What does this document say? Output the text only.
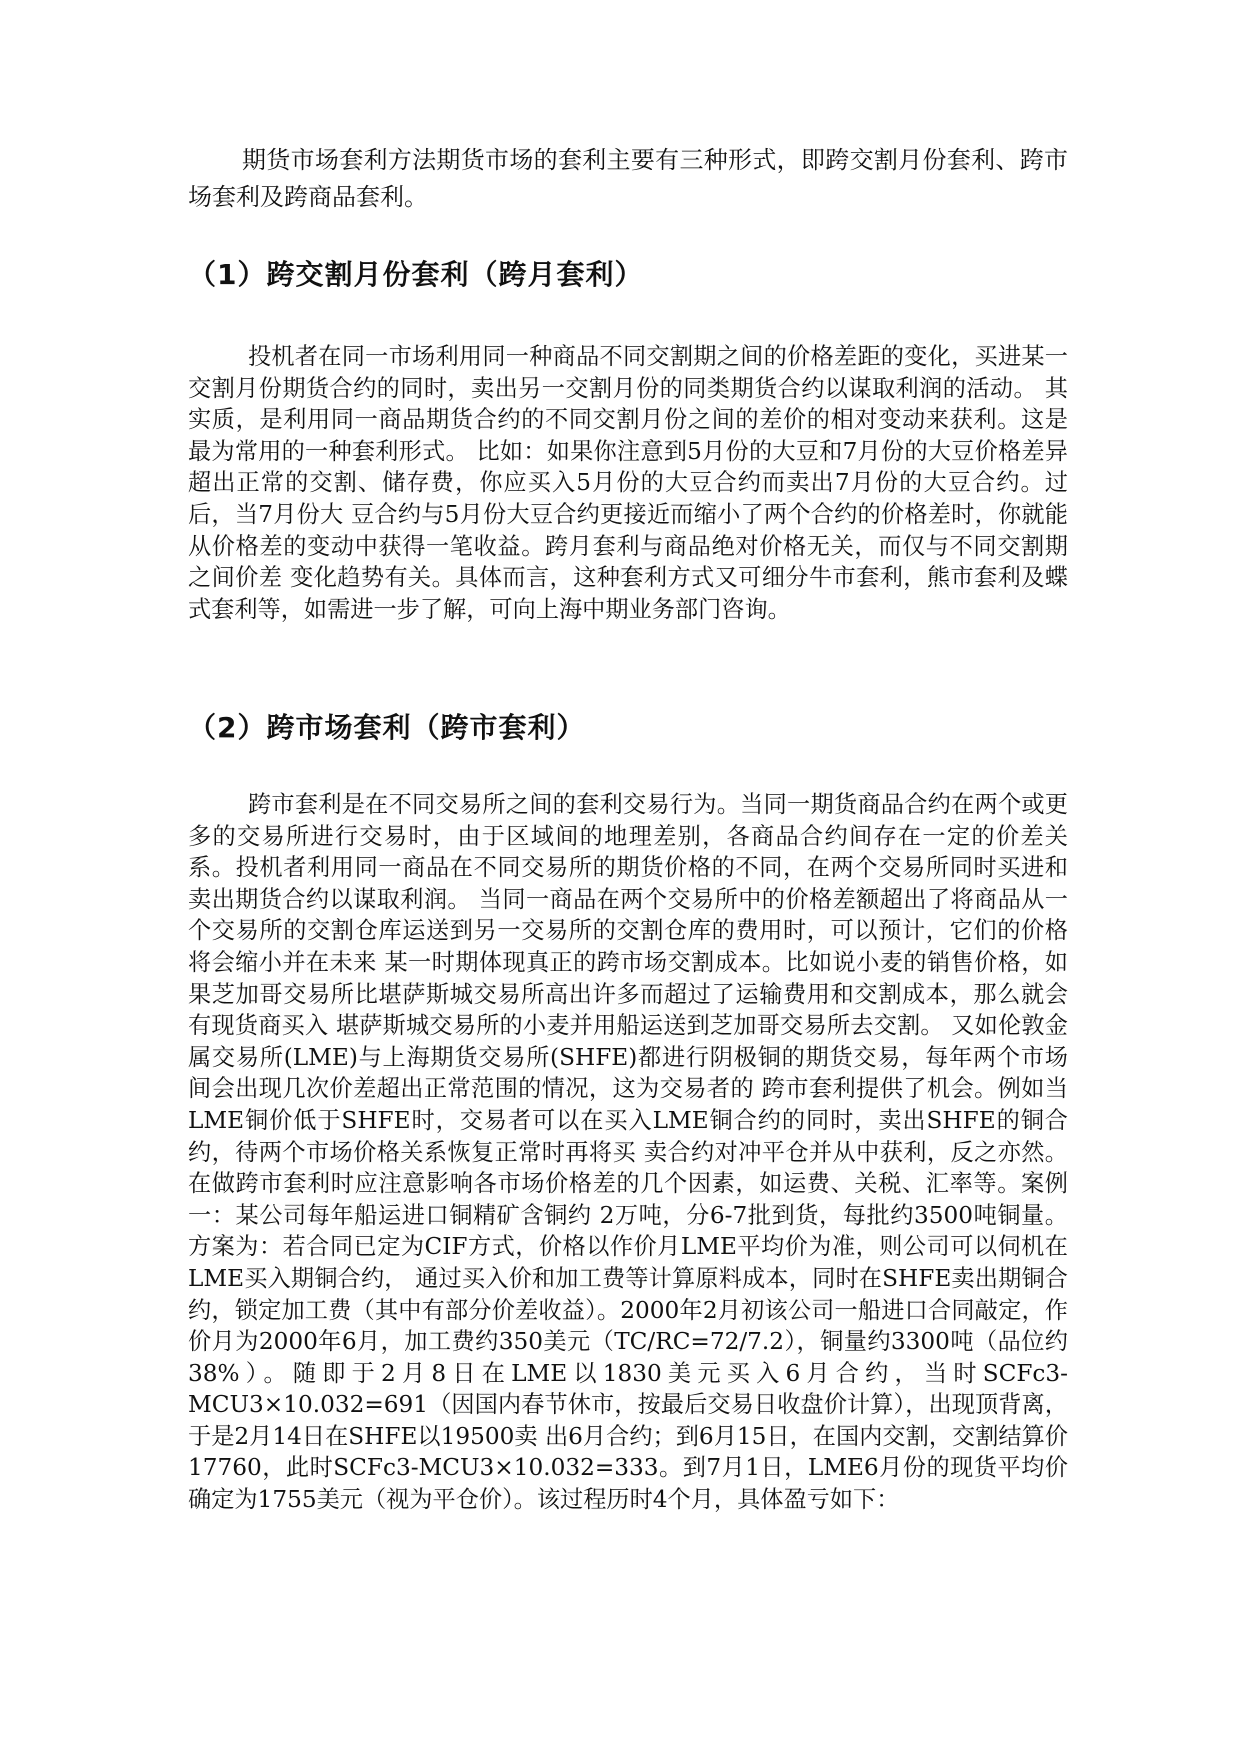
期货市场套利方法期货市场的套利主要有三种形式，即跨交割月份套利、跨市场套利及跨商品套利。

（1）跨交割月份套利（跨月套利）

投机者在同一市场利用同一种商品不同交割期之间的价格差距的变化，买进某一交割月份期货合约的同时，卖出另一交割月份的同类期货合约以谋取利润的活动。 其实质，是利用同一商品期货合约的不同交割月份之间的差价的相对变动来获利。这是最为常用的一种套利形式。 比如：如果你注意到5月份的大豆和7月份的大豆价格差异超出正常的交割、储存费，你应买入5月份的大豆合约而卖出7月份的大豆合约。过后，当7月份大 豆合约与5月份大豆合约更接近而缩小了两个合约的价格差时，你就能从价格差的变动中获得一笔收益。跨月套利与商品绝对价格无关，而仅与不同交割期之间价差 变化趋势有关。具体而言，这种套利方式又可细分牛市套利，熊市套利及蝶式套利等，如需进一步了解，可向上海中期业务部门咨询。

（2）跨市场套利（跨市套利）

跨市套利是在不同交易所之间的套利交易行为。当同一期货商品合约在两个或更多的交易所进行交易时，由于区域间的地理差别，各商品合约间存在一定的价差关 系。投机者利用同一商品在不同交易所的期货价格的不同，在两个交易所同时买进和卖出期货合约以谋取利润。 当同一商品在两个交易所中的价格差额超出了将商品从一个交易所的交割仓库运送到另一交易所的交割仓库的费用时，可以预计，它们的价格将会缩小并在未来 某一时期体现真正的跨市场交割成本。比如说小麦的销售价格，如果芝加哥交易所比堪萨斯城交易所高出许多而超过了运输费用和交割成本，那么就会有现货商买入 堪萨斯城交易所的小麦并用船运送到芝加哥交易所去交割。 又如伦敦金属交易所(LME)与上海期货交易所(SHFE)都进行阴极铜的期货交易，每年两个市场间会出现几次价差超出正常范围的情况，这为交易者的 跨市套利提供了机会。例如当LME铜价低于SHFE时，交易者可以在买入LME铜合约的同时，卖出SHFE的铜合约，待两个市场价格关系恢复正常时再将买 卖合约对冲平仓并从中获利，反之亦然。在做跨市套利时应注意影响各市场价格差的几个因素，如运费、关税、汇率等。案例一：某公司每年船运进口铜精矿含铜约 2万吨，分6-7批到货，每批约3500吨铜量。方案为：若合同已定为CIF方式，价格以作价月LME平均价为准，则公司可以伺机在LME买入期铜合约， 通过买入价和加工费等计算原料成本，同时在SHFE卖出期铜合约，锁定加工费（其中有部分价差收益）。2000年2月初该公司一船进口合同敲定，作价月为2000年6月，加工费约350美元（TC/RC=72/7.2），铜量约3300吨（品位约38%）。随即于2月8日在LME以1830美元买入6月合约，当时SCFc3-MCU3×10.032=691（因国内春节休市，按最后交易日收盘价计算），出现顶背离，于是2月14日在SHFE以19500卖 出6月合约；到6月15日，在国内交割，交割结算价17760，此时SCFc3-MCU3×10.032=333。到7月1日，LME6月份的现货平均价 确定为1755美元（视为平仓价）。该过程历时4个月，具体盈亏如下：
